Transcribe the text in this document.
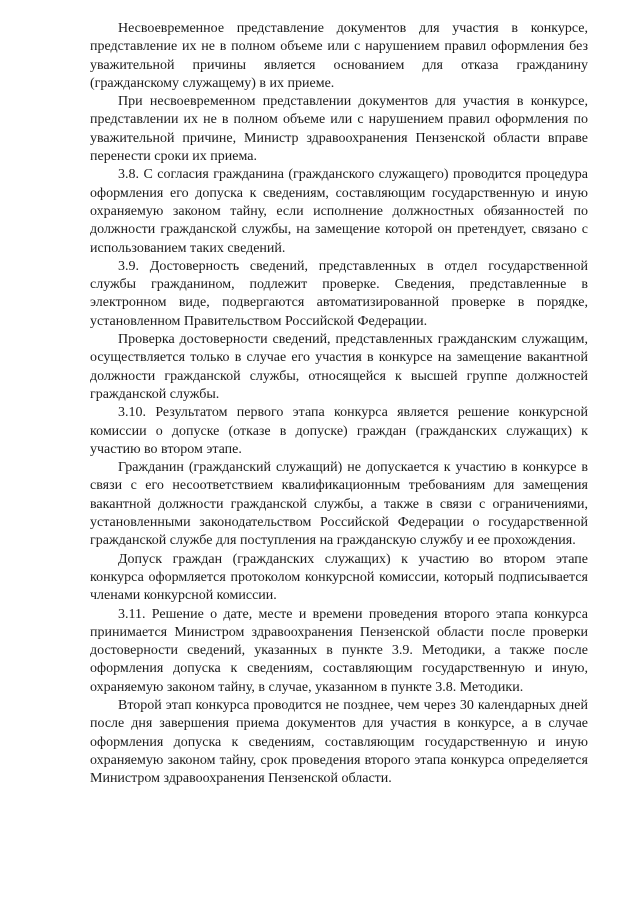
Несвоевременное представление документов для участия в конкурсе, представление их не в полном объеме или с нарушением правил оформления без уважительной причины является основанием для отказа гражданину (гражданскому служащему) в их приеме.

При несвоевременном представлении документов для участия в конкурсе, представлении их не в полном объеме или с нарушением правил оформления по уважительной причине, Министр здравоохранения Пензенской области вправе перенести сроки их приема.

3.8. С согласия гражданина (гражданского служащего) проводится процедура оформления его допуска к сведениям, составляющим государственную и иную охраняемую законом тайну, если исполнение должностных обязанностей по должности гражданской службы, на замещение которой он претендует, связано с использованием таких сведений.

3.9. Достоверность сведений, представленных в отдел государственной службы гражданином, подлежит проверке. Сведения, представленные в электронном виде, подвергаются автоматизированной проверке в порядке, установленном Правительством Российской Федерации.

Проверка достоверности сведений, представленных гражданским служащим, осуществляется только в случае его участия в конкурсе на замещение вакантной должности гражданской службы, относящейся к высшей группе должностей гражданской службы.

3.10. Результатом первого этапа конкурса является решение конкурсной комиссии о допуске (отказе в допуске) граждан (гражданских служащих) к участию во втором этапе.

Гражданин (гражданский служащий) не допускается к участию в конкурсе в связи с его несоответствием квалификационным требованиям для замещения вакантной должности гражданской службы, а также в связи с ограничениями, установленными законодательством Российской Федерации о государственной гражданской службе для поступления на гражданскую службу и ее прохождения.

Допуск граждан (гражданских служащих) к участию во втором этапе конкурса оформляется протоколом конкурсной комиссии, который подписывается членами конкурсной комиссии.

3.11. Решение о дате, месте и времени проведения второго этапа конкурса принимается Министром здравоохранения Пензенской области после проверки достоверности сведений, указанных в пункте 3.9. Методики, а также после оформления допуска к сведениям, составляющим государственную и иную, охраняемую законом тайну, в случае, указанном в пункте 3.8. Методики.

Второй этап конкурса проводится не позднее, чем через 30 календарных дней после дня завершения приема документов для участия в конкурсе, а в случае оформления допуска к сведениям, составляющим государственную и иную охраняемую законом тайну, срок проведения второго этапа конкурса определяется Министром здравоохранения Пензенской области.
